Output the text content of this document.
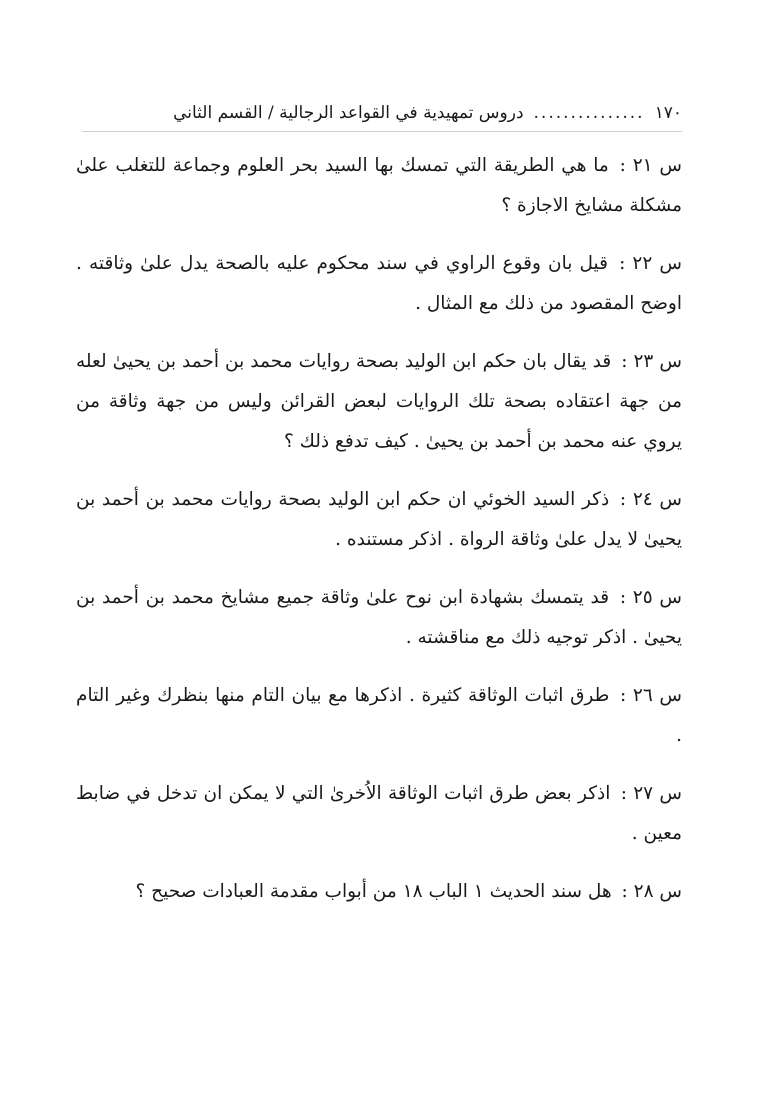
١٧٠
...............
دروس تمهيدية في القواعد الرجالية / القسم الثاني

س ٢١ : ما هي الطريقة التي تمسك بها السيد بحر العلوم وجماعة للتغلب علىٰ مشكلة مشايخ الاجازة ؟

س ٢٢ : قيل بان وقوع الراوي في سند محكوم عليه بالصحة يدل علىٰ وثاقته . اوضح المقصود من ذلك مع المثال .

س ٢٣ : قد يقال بان حكم ابن الوليد بصحة روايات محمد بن أحمد بن يحيىٰ لعله من جهة اعتقاده بصحة تلك الروايات لبعض القرائن وليس من جهة وثاقة من يروي عنه محمد بن أحمد بن يحيىٰ . كيف تدفع ذلك ؟

س ٢٤ : ذكر السيد الخوئي ان حكم ابن الوليد بصحة روايات محمد بن أحمد بن يحيىٰ لا يدل علىٰ وثاقة الرواة . اذكر مستنده .

س ٢٥ : قد يتمسك بشهادة ابن نوح علىٰ وثاقة جميع مشايخ محمد بن أحمد بن يحيىٰ . اذكر توجيه ذلك مع مناقشته .

س ٢٦ : طرق اثبات الوثاقة كثيرة . اذكرها مع بيان التام منها بنظرك وغير التام .

س ٢٧ : اذكر بعض طرق اثبات الوثاقة الاُخرىٰ التي لا يمكن ان تدخل في ضابط معين .

س ٢٨ : هل سند الحديث ١ الباب ١٨ من أبواب مقدمة العبادات صحيح ؟
